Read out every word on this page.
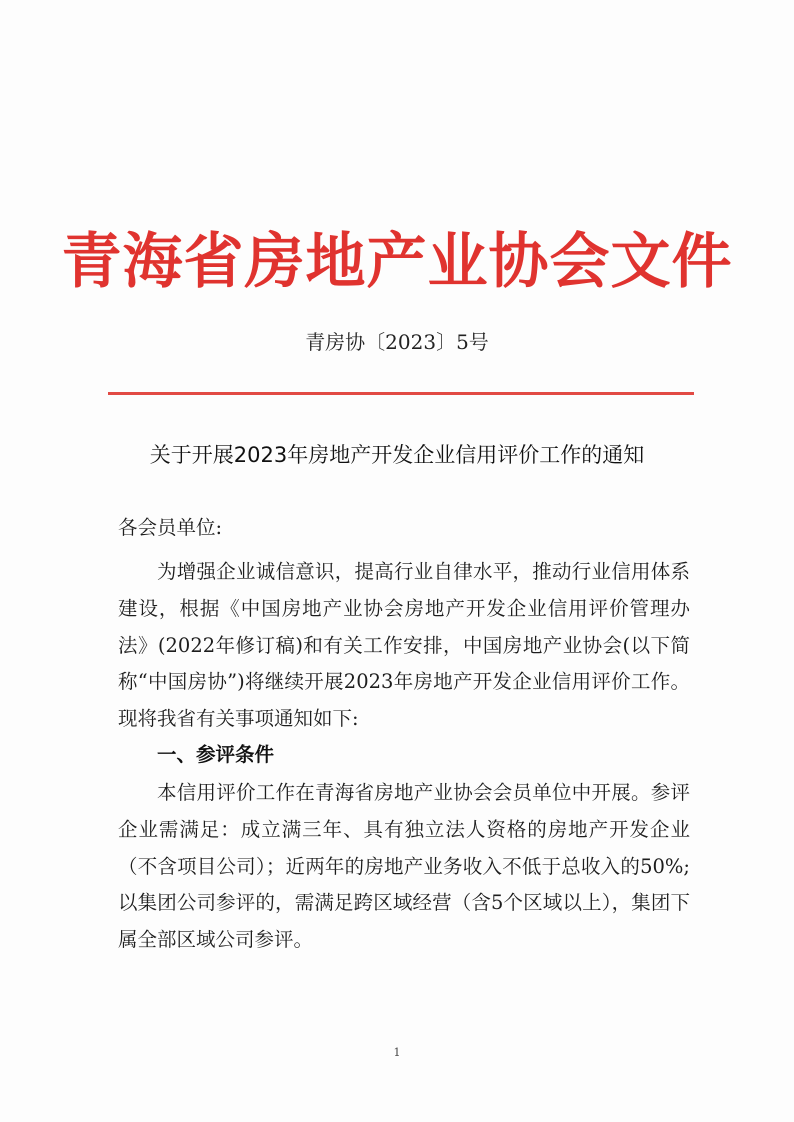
青海省房地产业协会文件
青房协〔2023〕5号
关于开展2023年房地产开发企业信用评价工作的通知
各会员单位:
为增强企业诚信意识，提高行业自律水平，推动行业信用体系建设，根据《中国房地产业协会房地产开发企业信用评价管理办法》(2022年修订稿)和有关工作安排，中国房地产业协会(以下简称“中国房协”)将继续开展2023年房地产开发企业信用评价工作。现将我省有关事项通知如下:
一、参评条件
本信用评价工作在青海省房地产业协会会员单位中开展。参评企业需满足：成立满三年、具有独立法人资格的房地产开发企业（不含项目公司）；近两年的房地产业务收入不低于总收入的50%; 以集团公司参评的，需满足跨区域经营（含5个区域以上），集团下属全部区域公司参评。
1
